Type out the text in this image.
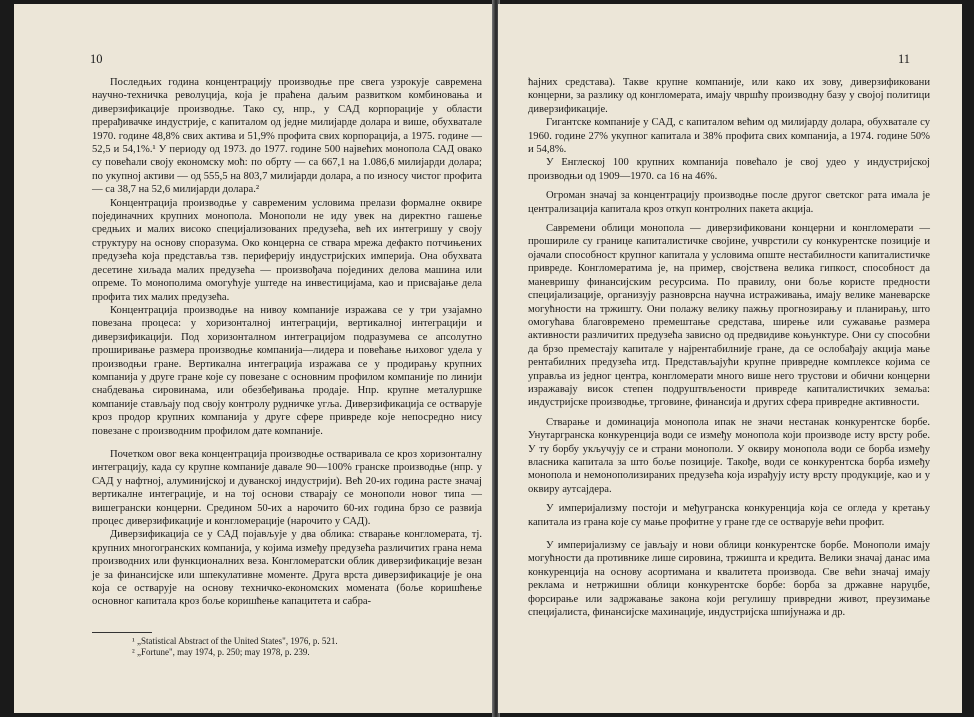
10

Последњих година концентрацију производње пре свега узрокује савремена научно-техничка револуција, која је праћена даљим развитком комбиновања и диверзификације производње. Тако су, нпр., у САД корпорације у области прерађивачке индустрије, с капиталом од једне милијарде долара и више, обухватале 1970. године 48,8% свих актива и 51,9% профита свих корпорација, а 1975. године — 52,5 и 54,1%.¹ У периоду од 1973. до 1977. године 500 највећих монопола САД овако су повећали своју економску моћ: по обрту — са 667,1 на 1.086,6 милијарди долара; по укупној активи — од 555,5 на 803,7 милијарди долара, а по износу чистог профита — са 38,7 на 52,6 милијарди долара.²

Концентрација производње у савременим условима прелази формалне оквире појединачних крупних монопола. Монополи не иду увек на директно гашење средњих и малих високо специјализованих предузећа, већ их интегришу у своју структуру на основу споразума. Око концерна се ствара мрежа дефакто потчињених предузећа која представља тзв. периферију индустријских империја. Она обухвата десетине хиљада малих предузећа — произвођача појединих делова машина или опреме. То монополима омогућује уштеде на инвестицијама, као и присвајање дела профита тих малих предузећа.

Концентрација производње на нивоу компаније изражава се у три узајамно повезана процеса: у хоризонталној интеграцији, вертикалној интеграцији и диверзификацији. Под хоризонталном интеграцијом подразумева се апсолутно проширивање размера производње компанија—лидера и повећање њиховог удела у производњи гране. Вертикална интеграција изражава се у продирању крупних компанија у друге гране које су повезане с основним профилом компаније по линији снабдевања сировинама, или обезбеђивања продаје. Нпр. крупне металуршке компаније стављају под своју контролу рудничке угља. Диверзификација се остварује кроз продор крупних компанија у друге сфере привреде које непосредно нису повезане с производним профилом дате компаније.

Почетком овог века концентрација производње остваривала се кроз хоризонталну интеграцију, када су крупне компаније давале 90—100% гранске производње (нпр. у САД у нафтној, алуминијској и дуванској индустрији). Већ 20-их година расте значај вертикалне интеграције, и на тој основи стварају се монополи новог типа — вишегрански концерни. Средином 50-их а нарочито 60-их година брзо се развија процес диверзификације и конгломерације (нарочито у САД).

Диверзификација се у САД појављује у два облика: стварање конгломерата, тј. крупних многогранских компанија, у којима између предузећа различитих грана нема производних или функционалних веза. Конгломератски облик диверзификације везан је за финансијске или шпекулативне моменте. Друга врста диверзификације је она која се остварује на основу техничко-економских момената (боље коришћење основног капитала кроз боље коришћење капацитета и сабра-

¹ „Statistical Abstract of the United States", 1976, p. 521.
² „Fortune", may 1974, p. 250; may 1978, p. 239.
11

ћајних средстава). Такве крупне компаније, или како их зову, диверзификовани концерни, за разлику од конгломерата, имају чвршћу производну базу у својој политици диверзификације.

Гигантске компаније у САД, с капиталом већим од милијарду долара, обухватале су 1960. године 27% укупног капитала и 38% профита свих компанија, а 1974. године 50% и 54,8%.

У Енглеској 100 крупних компанија повећало је свој удео у индустријској производњи од 1909—1970. са 16 на 46%.

Огроман значај за концентрацију производње после другог светског рата имала је централизација капитала кроз откуп контролних пакета акција.

Савремени облици монопола — диверзификовани концерни и конгломерати — прошириле су границе капиталистичке својине, учврстили су конкурентске позиције и ојачали способност крупног капитала у условима опште нестабилности капиталистичке привреде. Конгломератима је, на пример, својствена велика гипкост, способност да маневришу финансијским ресурсима. По правилу, они боље користе предности специјализације, организују разноврсна научна истраживања, имају велике маневарске могућности на тржишту. Они полажу велику пажњу прогнозирању и планирању, што омогућава благовремено премештање средстава, ширење или сужавање размера активности различитих предузећа зависно од предвидиве коњунктуре. Они су способни да брзо преместају капитале у најрентабилније гране, да се ослобађају акција мање рентабилних предузећа итд. Представљајући крупне привредне комплексе којима се управља из једног центра, конгломерати много више него трустови и обични концерни изражавају висок степен подруштвљености привреде капиталистичких земаља: индустријске производње, трговине, финансија и других сфера привредне активности.

Стварање и доминација монопола ипак не значи нестанак конкурентске борбе. Унутаргранска конкуренција води се између монопола који производе исту врсту робе. У ту борбу укључују се и страни монополи. У оквиру монопола води се борба између власника капитала за што боље позиције. Такође, води се конкурентска борба између монопола и немонополизираних предузећа која израђују исту врсту продукције, као и у оквиру аутсајдера.

У империјализму постоји и међугранска конкуренција која се огледа у кретању капитала из грана које су мање профитне у гране где се остварује већи профит.

У империјализму се јављају и нови облици конкурентске борбе. Монополи имају могућности да противнике лише сировина, тржишта и кредита. Велики значај данас има конкуренција на основу асортимана и квалитета производа. Све већи значај имају реклама и нетржишни облици конкурентске борбе: борба за државне наруџбе, форсирање или задржавање закона који регулишу привредни живот, преузимање специјалиста, финансијске махинације, индустријска шпијунажа и др.
